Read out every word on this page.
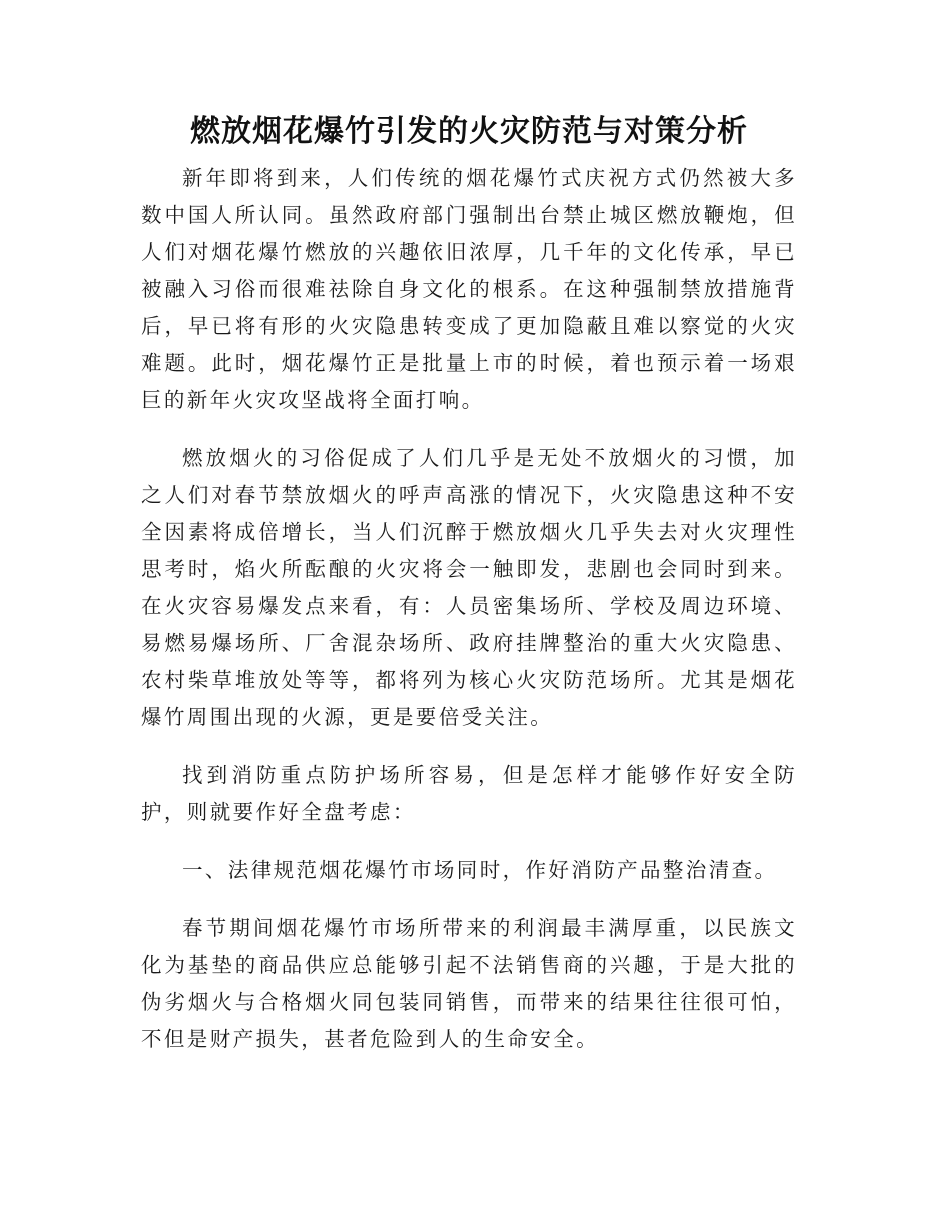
燃放烟花爆竹引发的火灾防范与对策分析

新年即将到来，人们传统的烟花爆竹式庆祝方式仍然被大多数中国人所认同。虽然政府部门强制出台禁止城区燃放鞭炮，但人们对烟花爆竹燃放的兴趣依旧浓厚，几千年的文化传承，早已被融入习俗而很难祛除自身文化的根系。在这种强制禁放措施背后，早已将有形的火灾隐患转变成了更加隐蔽且难以察觉的火灾难题。此时，烟花爆竹正是批量上市的时候，着也预示着一场艰巨的新年火灾攻坚战将全面打响。

燃放烟火的习俗促成了人们几乎是无处不放烟火的习惯，加之人们对春节禁放烟火的呼声高涨的情况下，火灾隐患这种不安全因素将成倍增长，当人们沉醉于燃放烟火几乎失去对火灾理性思考时，焰火所酝酿的火灾将会一触即发，悲剧也会同时到来。在火灾容易爆发点来看，有：人员密集场所、学校及周边环境、易燃易爆场所、厂舍混杂场所、政府挂牌整治的重大火灾隐患、农村柴草堆放处等等，都将列为核心火灾防范场所。尤其是烟花爆竹周围出现的火源，更是要倍受关注。

找到消防重点防护场所容易，但是怎样才能够作好安全防护，则就要作好全盘考虑：

一、法律规范烟花爆竹市场同时，作好消防产品整治清查。

春节期间烟花爆竹市场所带来的利润最丰满厚重，以民族文化为基垫的商品供应总能够引起不法销售商的兴趣，于是大批的伪劣烟火与合格烟火同包装同销售，而带来的结果往往很可怕，不但是财产损失，甚者危险到人的生命安全。
